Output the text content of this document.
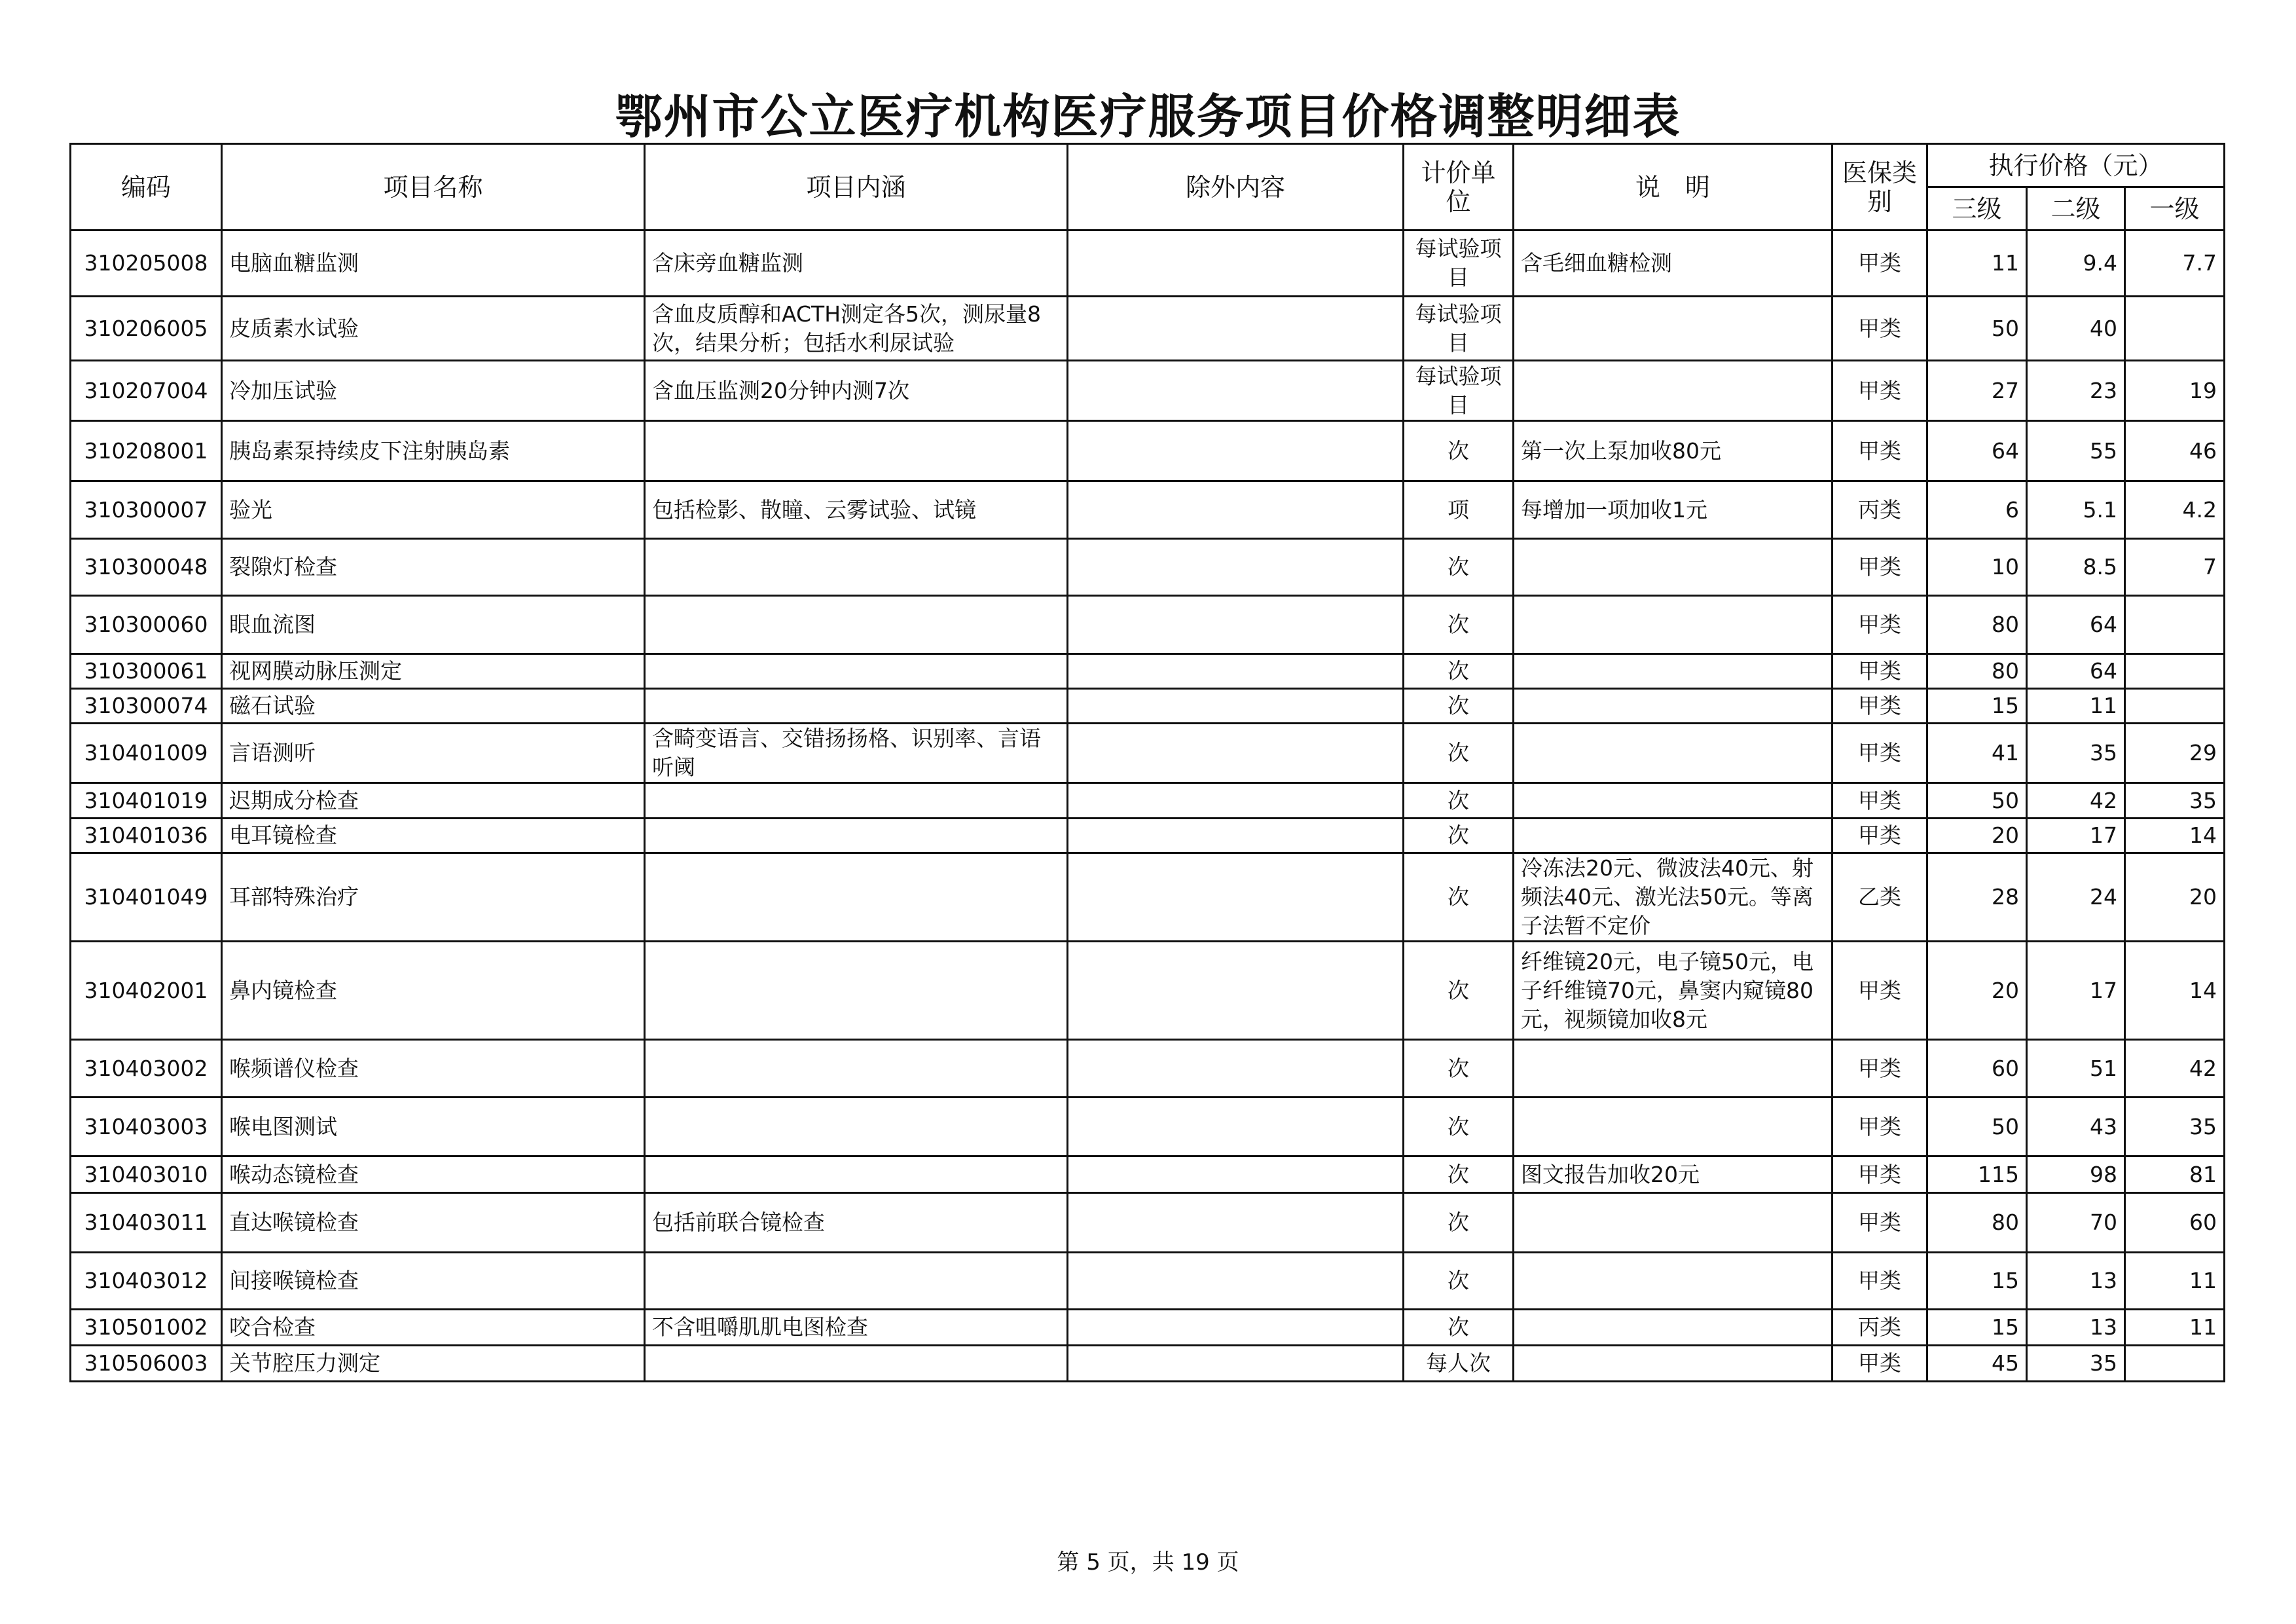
鄂州市公立医疗机构医疗服务项目价格调整明细表
编码	项目名称	项目内涵	除外内容	计价单位	说　明	医保类别	执行价格（元）		
							三级	二级	一级
310205008	电脑血糖监测	含床旁血糖监测		每试验项目	含毛细血糖检测	甲类	11	9.4	7.7
310206005	皮质素水试验	含血皮质醇和ACTH测定各5次，测尿量8次，结果分析；包括水利尿试验		每试验项目		甲类	50	40	
310207004	冷加压试验	含血压监测20分钟内测7次		每试验项目		甲类	27	23	19
310208001	胰岛素泵持续皮下注射胰岛素			次	第一次上泵加收80元	甲类	64	55	46
310300007	验光	包括检影、散瞳、云雾试验、试镜		项	每增加一项加收1元	丙类	6	5.1	4.2
310300048	裂隙灯检查			次		甲类	10	8.5	7
310300060	眼血流图			次		甲类	80	64	
310300061	视网膜动脉压测定			次		甲类	80	64	
310300074	磁石试验			次		甲类	15	11	
310401009	言语测听	含畸变语言、交错扬扬格、识别率、言语听阈		次		甲类	41	35	29
310401019	迟期成分检查			次		甲类	50	42	35
310401036	电耳镜检查			次		甲类	20	17	14
310401049	耳部特殊治疗			次	冷冻法20元、微波法40元、射频法40元、激光法50元。等离子法暂不定价	乙类	28	24	20
310402001	鼻内镜检查			次	纤维镜20元，电子镜50元，电子纤维镜70元，鼻窦内窥镜80元，视频镜加收8元	甲类	20	17	14
310403002	喉频谱仪检查			次		甲类	60	51	42
310403003	喉电图测试			次		甲类	50	43	35
310403010	喉动态镜检查			次	图文报告加收20元	甲类	115	98	81
310403011	直达喉镜检查	包括前联合镜检查		次		甲类	80	70	60
310403012	间接喉镜检查			次		甲类	15	13	11
310501002	咬合检查	不含咀嚼肌肌电图检查		次		丙类	15	13	11
310506003	关节腔压力测定			每人次		甲类	45	35	
第 5 页，共 19 页
